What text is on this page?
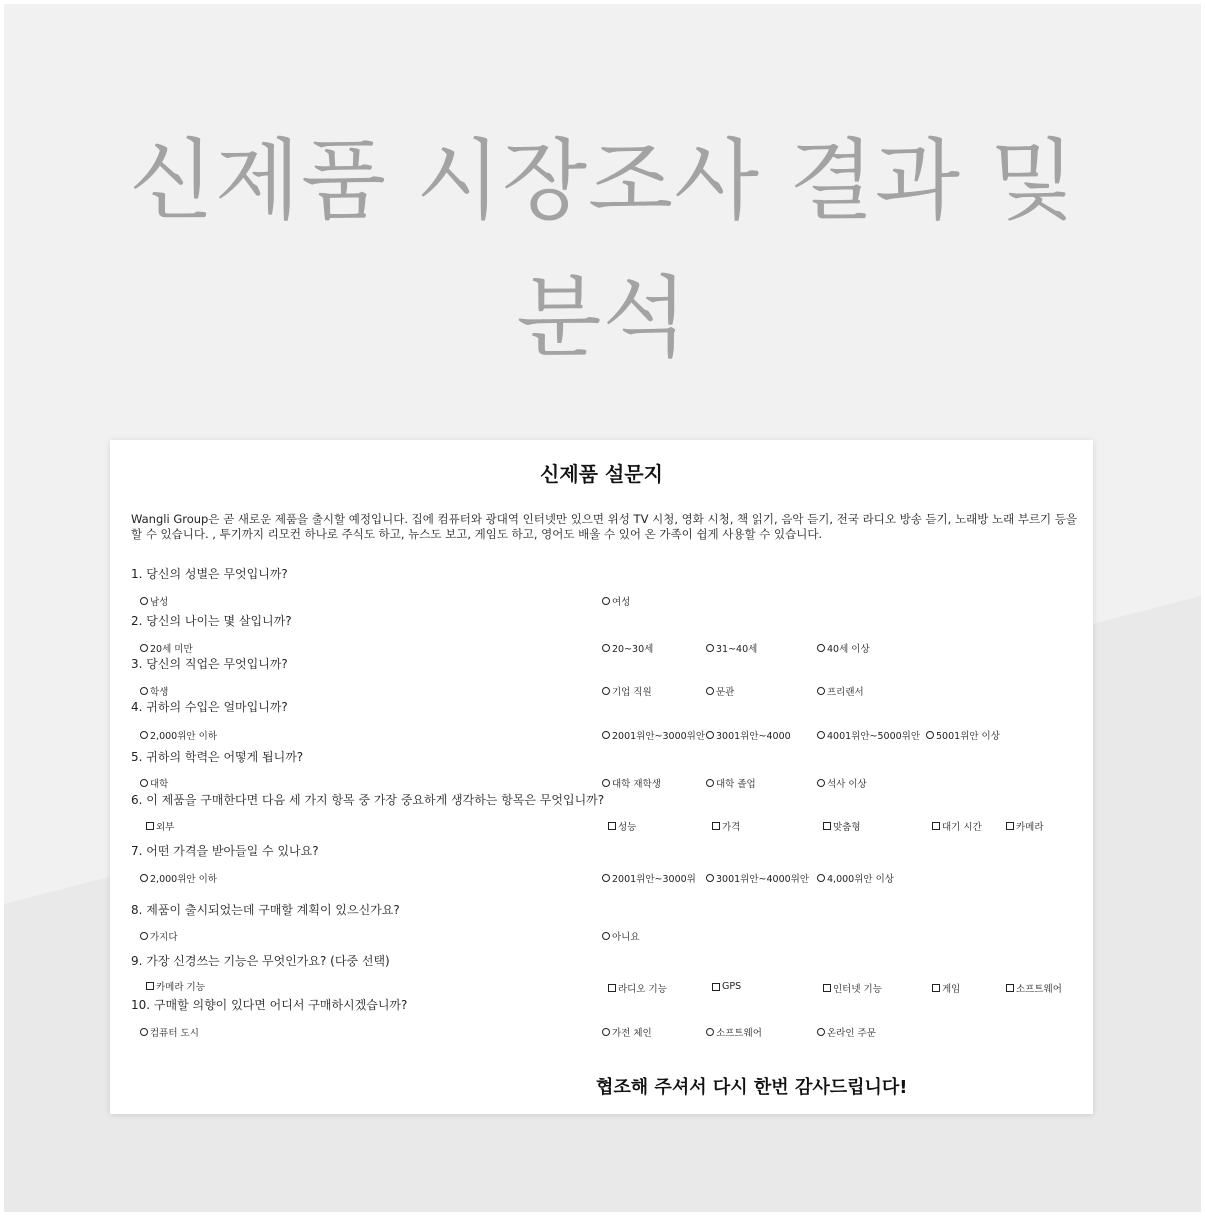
신제품 시장조사 결과 및
분석
신제품 설문지
Wangli Group은 곧 새로운 제품을 출시할 예정입니다. 집에 컴퓨터와 광대역 인터넷만 있으면 위성 TV 시청, 영화 시청, 책 읽기, 음악 듣기, 전국 라디오 방송 듣기, 노래방 노래 부르기 등을 할 수 있습니다. , 투기까지 리모컨 하나로 주식도 하고, 뉴스도 보고, 게임도 하고, 영어도 배울 수 있어 온 가족이 쉽게 사용할 수 있습니다.
1. 당신의 성별은 무엇입니까?
남성	여성
2. 당신의 나이는 몇 살입니까?
20세 미만	20~30세	31~40세	40세 이상
3. 당신의 직업은 무엇입니까?
학생	기업 직원	문관	프리랜서
4. 귀하의 수입은 얼마입니까?
2,000위안 이하	2001위안~3000위안 3001위안~4000	4001위안~5000위안 5001위안 이상
5. 귀하의 학력은 어떻게 됩니까?
대학	대학 재학생	대학 졸업	석사 이상
6. 이 제품을 구매한다면 다음 세 가지 항목 중 가장 중요하게 생각하는 항목은 무엇입니까?
외부	성능	가격	맞춤형	대기 시간	카메라
7. 어떤 가격을 받아들일 수 있나요?
2,000위안 이하	2001위안~3000위 3001위안~4000위안 4,000위안 이상
8. 제품이 출시되었는데 구매할 계획이 있으신가요?
가지다	아니요
9. 가장 신경쓰는 기능은 무엇인가요? (다중 선택)
카메라 기능	라디오 기능	GPS	인터넷 기능	게임	소프트웨어
10. 구매할 의향이 있다면 어디서 구매하시겠습니까?
컴퓨터 도시	가전 체인	소프트웨어	온라인 주문
협조해 주셔서 다시 한번 감사드립니다!
